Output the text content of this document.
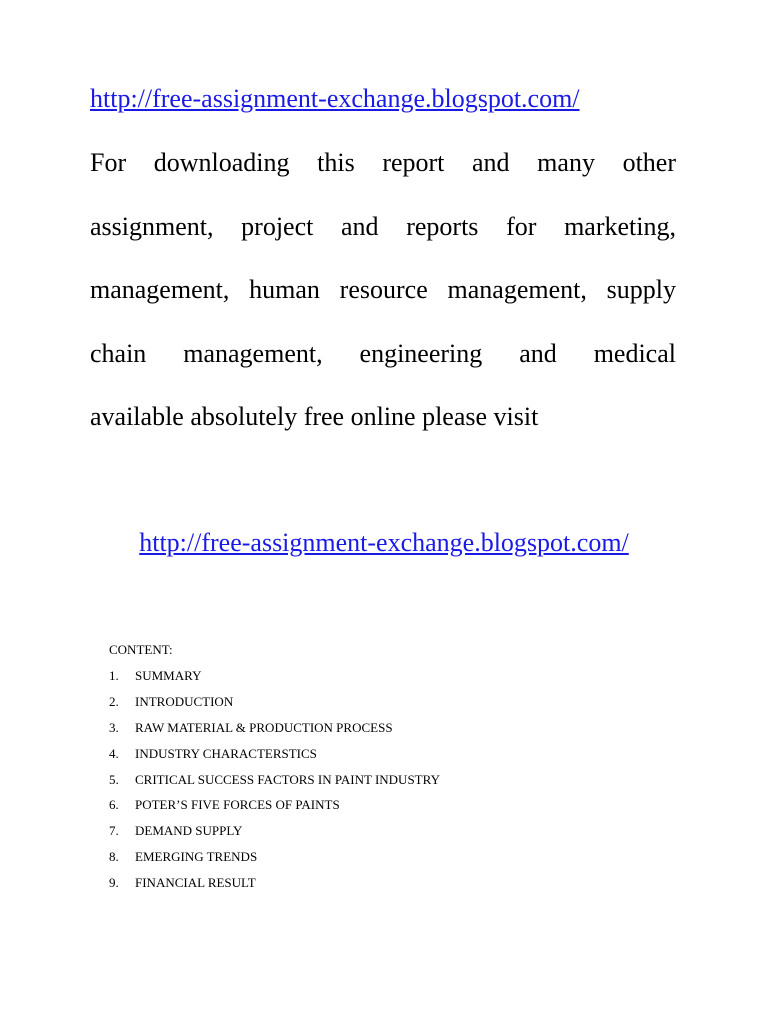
http://free-assignment-exchange.blogspot.com/
For downloading this report and many other
assignment, project and reports for marketing,
management, human resource management, supply
chain management, engineering and medical
available absolutely free online please visit
http://free-assignment-exchange.blogspot.com/
CONTENT:
1. SUMMARY
2. INTRODUCTION
3. RAW MATERIAL & PRODUCTION PROCESS
4. INDUSTRY CHARACTERSTICS
5. CRITICAL SUCCESS FACTORS IN PAINT INDUSTRY
6. POTER’S FIVE FORCES OF PAINTS
7. DEMAND SUPPLY
8. EMERGING TRENDS
9. FINANCIAL RESULT
